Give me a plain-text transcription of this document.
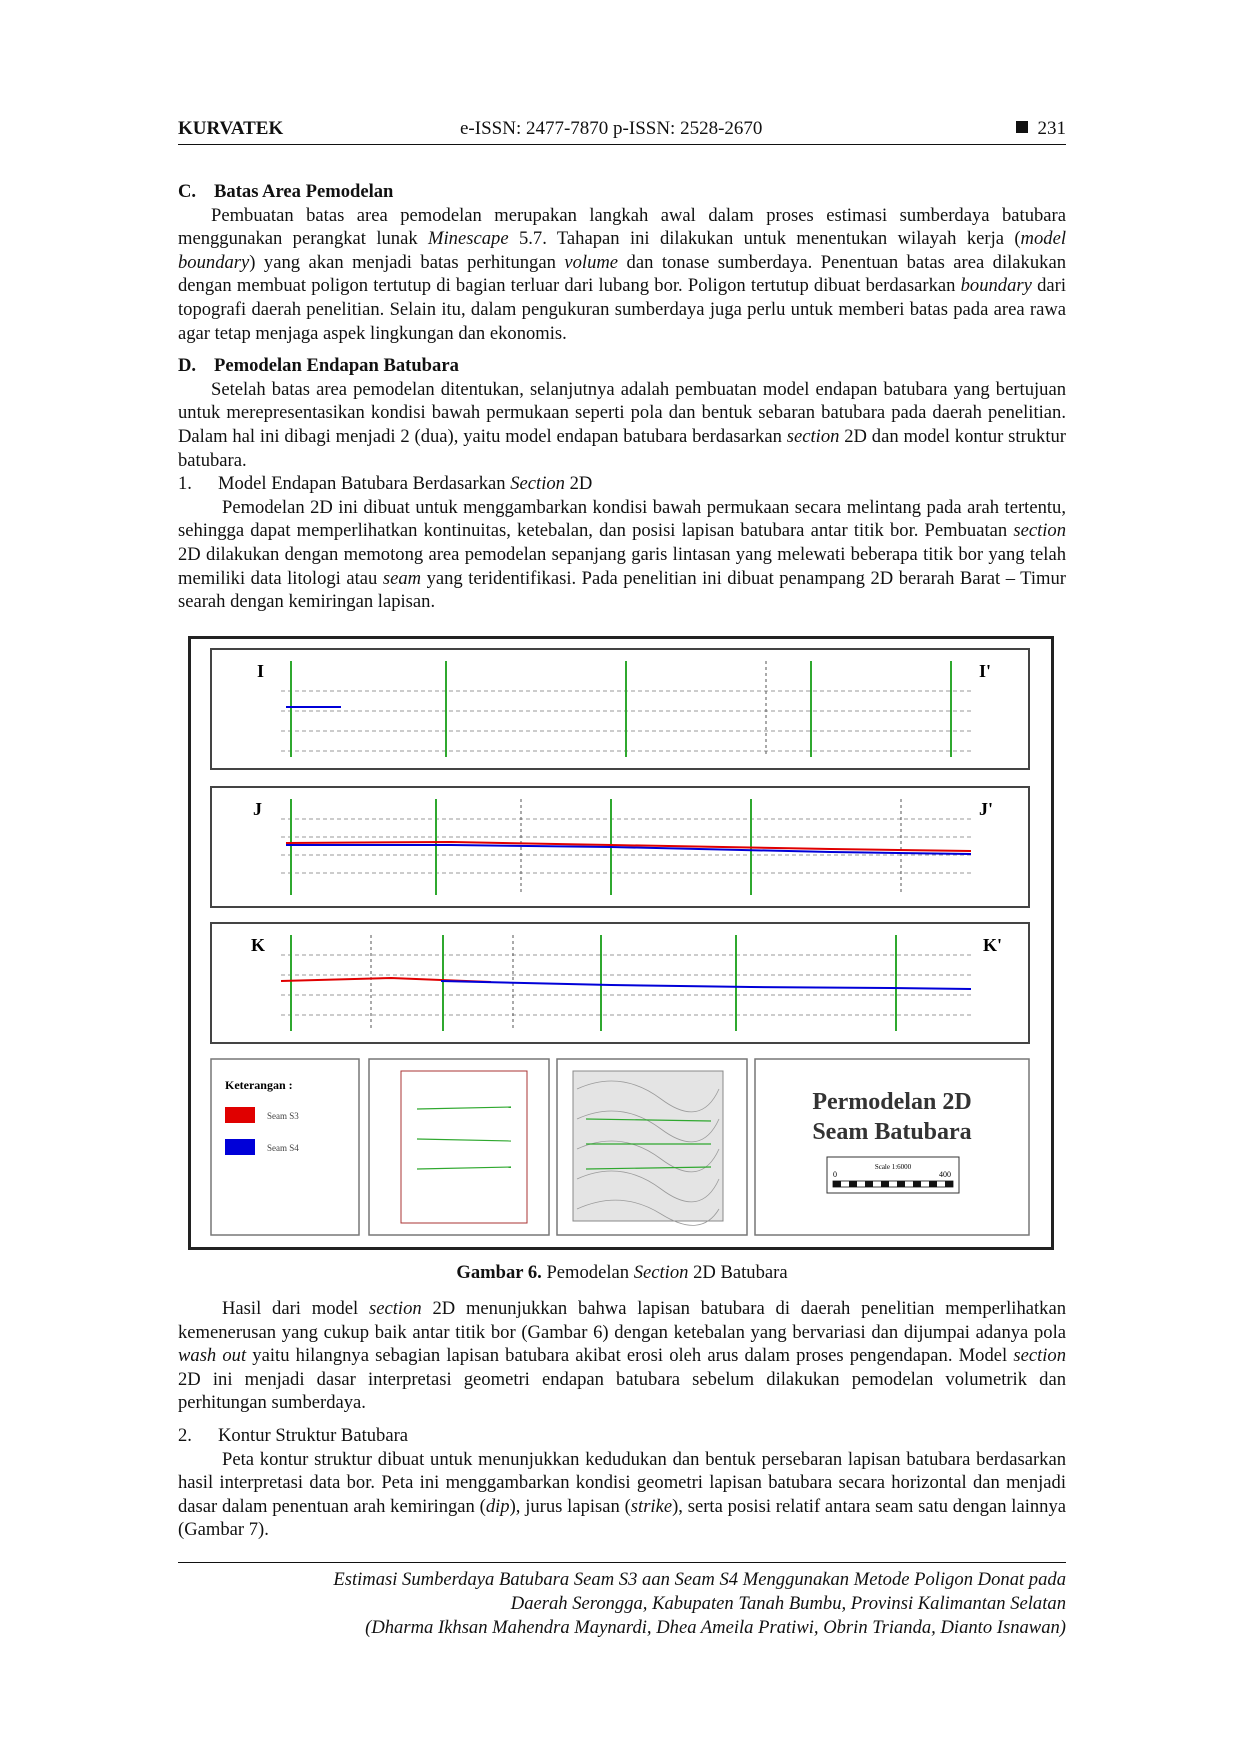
KURVATEK	e-ISSN: 2477-7870 p-ISSN: 2528-2670	231

C. Batas Area Pemodelan

Pembuatan batas area pemodelan merupakan langkah awal dalam proses estimasi sumberdaya batubara menggunakan perangkat lunak Minescape 5.7. Tahapan ini dilakukan untuk menentukan wilayah kerja (model boundary) yang akan menjadi batas perhitungan volume dan tonase sumberdaya. Penentuan batas area dilakukan dengan membuat poligon tertutup di bagian terluar dari lubang bor. Poligon tertutup dibuat berdasarkan boundary dari topografi daerah penelitian. Selain itu, dalam pengukuran sumberdaya juga perlu untuk memberi batas pada area rawa agar tetap menjaga aspek lingkungan dan ekonomis.

D. Pemodelan Endapan Batubara

Setelah batas area pemodelan ditentukan, selanjutnya adalah pembuatan model endapan batubara yang bertujuan untuk merepresentasikan kondisi bawah permukaan seperti pola dan bentuk sebaran batubara pada daerah penelitian. Dalam hal ini dibagi menjadi 2 (dua), yaitu model endapan batubara berdasarkan section 2D dan model kontur struktur batubara.

1. Model Endapan Batubara Berdasarkan Section 2D

Pemodelan 2D ini dibuat untuk menggambarkan kondisi bawah permukaan secara melintang pada arah tertentu, sehingga dapat memperlihatkan kontinuitas, ketebalan, dan posisi lapisan batubara antar titik bor. Pembuatan section 2D dilakukan dengan memotong area pemodelan sepanjang garis lintasan yang melewati beberapa titik bor yang telah memiliki data litologi atau seam yang teridentifikasi. Pada penelitian ini dibuat penampang 2D berarah Barat – Timur searah dengan kemiringan lapisan.

I	I'
J	J'
K	K'
Keterangan :
Seam S3
Seam S4
Permodelan 2D
Seam Batubara
Scale 1:6000
0	400
Gambar 6. Pemodelan Section 2D Batubara

Hasil dari model section 2D menunjukkan bahwa lapisan batubara di daerah penelitian memperlihatkan kemenerusan yang cukup baik antar titik bor (Gambar 6) dengan ketebalan yang bervariasi dan dijumpai adanya pola wash out yaitu hilangnya sebagian lapisan batubara akibat erosi oleh arus dalam proses pengendapan. Model section 2D ini menjadi dasar interpretasi geometri endapan batubara sebelum dilakukan pemodelan volumetrik dan perhitungan sumberdaya.

2. Kontur Struktur Batubara

Peta kontur struktur dibuat untuk menunjukkan kedudukan dan bentuk persebaran lapisan batubara berdasarkan hasil interpretasi data bor. Peta ini menggambarkan kondisi geometri lapisan batubara secara horizontal dan menjadi dasar dalam penentuan arah kemiringan (dip), jurus lapisan (strike), serta posisi relatif antara seam satu dengan lainnya (Gambar 7).

Estimasi Sumberdaya Batubara Seam S3 aan Seam S4 Menggunakan Metode Poligon Donat pada
Daerah Serongga, Kabupaten Tanah Bumbu, Provinsi Kalimantan Selatan
(Dharma Ikhsan Mahendra Maynardi, Dhea Ameila Pratiwi, Obrin Trianda, Dianto Isnawan)
